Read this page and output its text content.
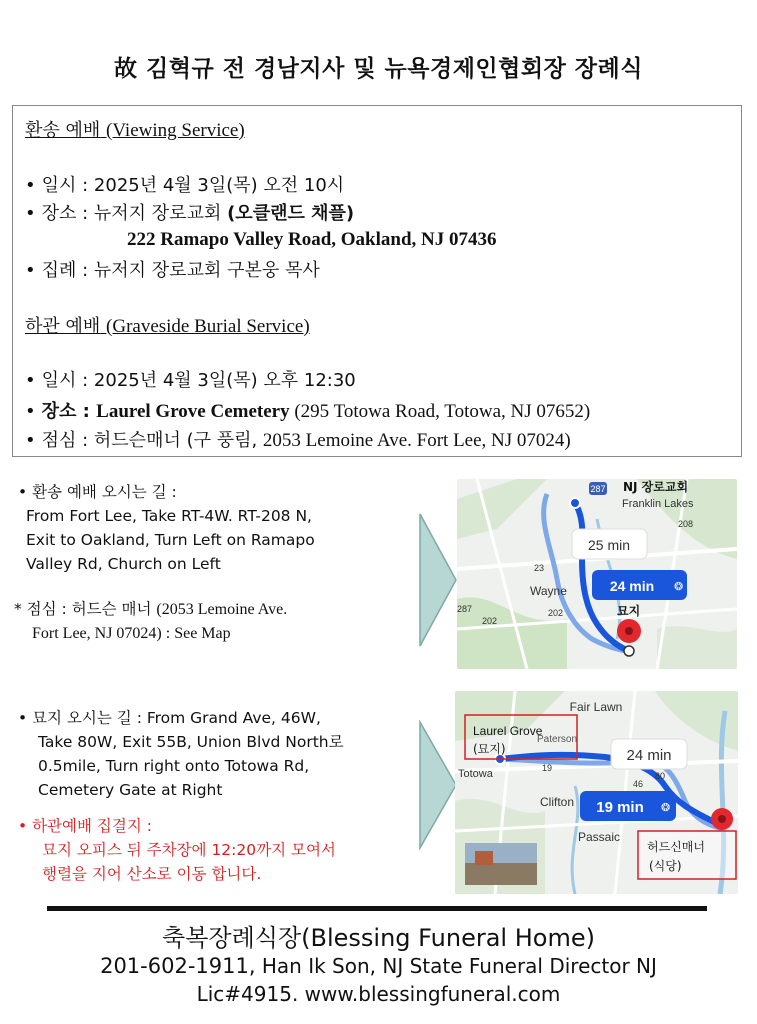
故 김혁규 전 경남지사 및 뉴욕경제인협회장 장례식
환송 예배 (Viewing Service)
• 일시 : 2025년 4월 3일(목) 오전 10시
• 장소 : 뉴저지 장로교회 (오클랜드 채플)
222 Ramapo Valley Road, Oakland, NJ 07436
• 집례 : 뉴저지 장로교회 구본웅 목사
하관 예배 (Graveside Burial Service)
• 일시 : 2025년 4월 3일(목) 오후 12:30
• 장소 : Laurel Grove Cemetery (295 Totowa Road, Totowa, NJ 07652)
• 점심 : 허드슨매너 (구 풍림, 2053 Lemoine Ave. Fort Lee, NJ 07024)
• 환송 예배 오시는 길 :
From Fort Lee, Take RT-4W. RT-208 N,
Exit to Oakland, Turn Left on Ramapo
Valley Rd, Church on Left
* 점심 : 허드슨 매너 (2053 Lemoine Ave.
Fort Lee, NJ 07024) : See Map
287 NJ 장로교회
Franklin Lakes
25 min
24 min ❂
Wayne
묘지
208
23
202
202
287
• 묘지 오시는 길 : From Grand Ave, 46W,
Take 80W, Exit 55B, Union Blvd North로
0.5mile, Turn right onto Totowa Rd,
Cemetery Gate at Right
• 하관예배 집결지 :
묘지 오피스 뒤 주차장에 12:20까지 모여서
행렬을 지어 산소로 이동 합니다.
Fair Lawn
Laurel Grove
(묘지)
Paterson
Totowa
24 min
19 min ❂
Clifton
Passaic
허드신매너
(식당)
19
46
80
축복장례식장(Blessing Funeral Home)
201-602-1911, Han Ik Son, NJ State Funeral Director NJ
Lic#4915. www.blessingfuneral.com
